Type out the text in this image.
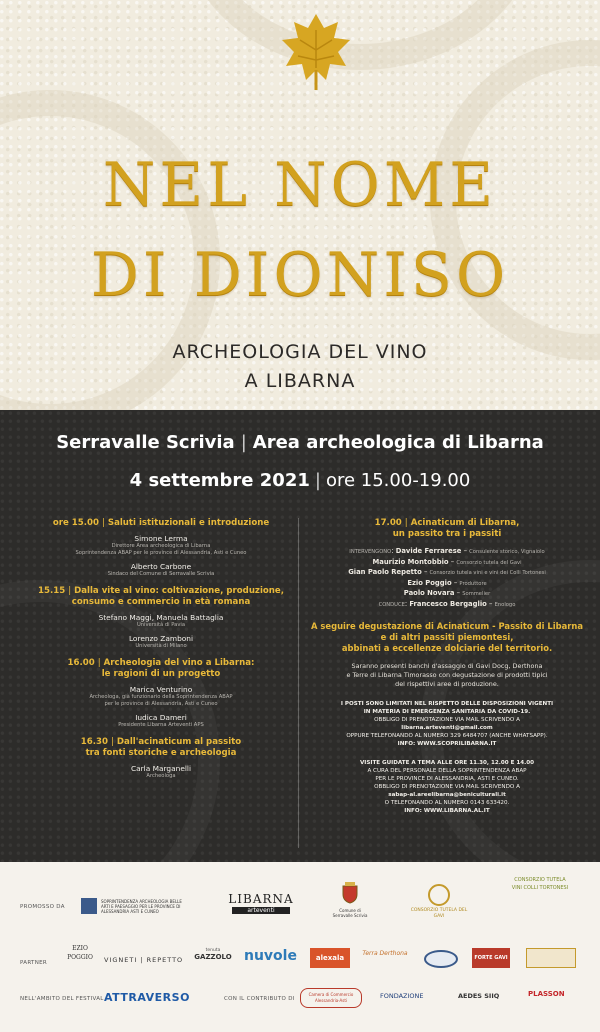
NEL NOME
DI DIONISO
ARCHEOLOGIA DEL VINO
A LIBARNA
Serravalle Scrivia | Area archeologica di Libarna
4 settembre 2021 | ore 15.00-19.00
ore 15.00 | Saluti istituzionali e introduzione
Simone Lerma
Direttore Area archeologica di Libarna
Soprintendenza ABAP per le province di Alessandria, Asti e Cuneo
Alberto Carbone
Sindaco del Comune di Serravalle Scrivia
15.15 | Dalla vite al vino: coltivazione, produzione,
consumo e commercio in età romana
Stefano Maggi, Manuela Battaglia
Università di Pavia
Lorenzo Zamboni
Università di Milano
16.00 | Archeologia del vino a Libarna:
le ragioni di un progetto
Marica Venturino
Archeologa, già funzionario della Soprintendenza ABAP
per le province di Alessandria, Asti e Cuneo
Iudica Dameri
Presidente Libarna Arteventi APS
16.30 | Dall'acinaticum al passito
tra fonti storiche e archeologia
Carla Marganelli
Archeologa
17.00 | Acinaticum di Libarna,
un passito tra i passiti
INTERVENGONO: Davide Ferrarese – Consulente storico, Vignaiolo
Maurizio Montobbio – Consorzio tutela del Gavi
Gian Paolo Repetto – Consorzio tutela vini e vini dei Colli Tortonesi
Ezio Poggio – Produttore
Paolo Novara – Sommelier
CONDUCE: Francesco Bergaglio – Enologo
A seguire degustazione di Acinaticum - Passito di Libarna
e di altri passiti piemontesi,
abbinati a eccellenze dolciarie del territorio.
Saranno presenti banchi d'assaggio di Gavi Docg, Derthona
e Terre di Libarna Timorasso con degustazione di prodotti tipici
del rispettivi aree di produzione.
I POSTI SONO LIMITATI NEL RISPETTO DELLE DISPOSIZIONI VIGENTI
IN MATERIA DI EMERGENZA SANITARIA DA COVID-19.
OBBLIGO DI PRENOTAZIONE VIA MAIL SCRIVENDO A
libarna.arteventi@gmail.com
OPPURE TELEFONANDO AL NUMERO 329 6484707 (ANCHE WHATSAPP).
INFO: WWW.SCOPRILIBARNA.IT
VISITE GUIDATE A TEMA ALLE ORE 11.30, 12.00 E 14.00
A CURA DEL PERSONALE DELLA SOPRINTENDENZA ABAP
PER LE PROVINCE DI ALESSANDRIA, ASTI E CUNEO.
OBBLIGO DI PRENOTAZIONE VIA MAIL SCRIVENDO A
sabap-al.areelibarna@beniculturali.it
O TELEFONANDO AL NUMERO 0143 633420.
INFO: WWW.LIBARNA.AL.IT
PROMOSSO DA
SOPRINTENDENZA ARCHEOLOGIA BELLE ARTI E PAESAGGIO PER LE PROVINCE DI ALESSANDRIA ASTI E CUNEO
LIBARNA
arteventi	Comune di Serravalle Scrivia
CONSORZIO TUTELA DEL GAVI
CONSORZIO TUTELA VINI COLLI TORTONESI
PARTNER
EZIO POGGIO	VIGNETI | REPETTO
tenuta
GAZZOLO nuvole	alexala
Terra Derthona
FORTE GAVI
NELL'AMBITO DEL FESTIVAL ATTRAVERSO	CON IL CONTRIBUTO DI
Camera di Commercio Alessandria-Asti
FONDAZIONE	AEDES SIIQ	PLASSON
